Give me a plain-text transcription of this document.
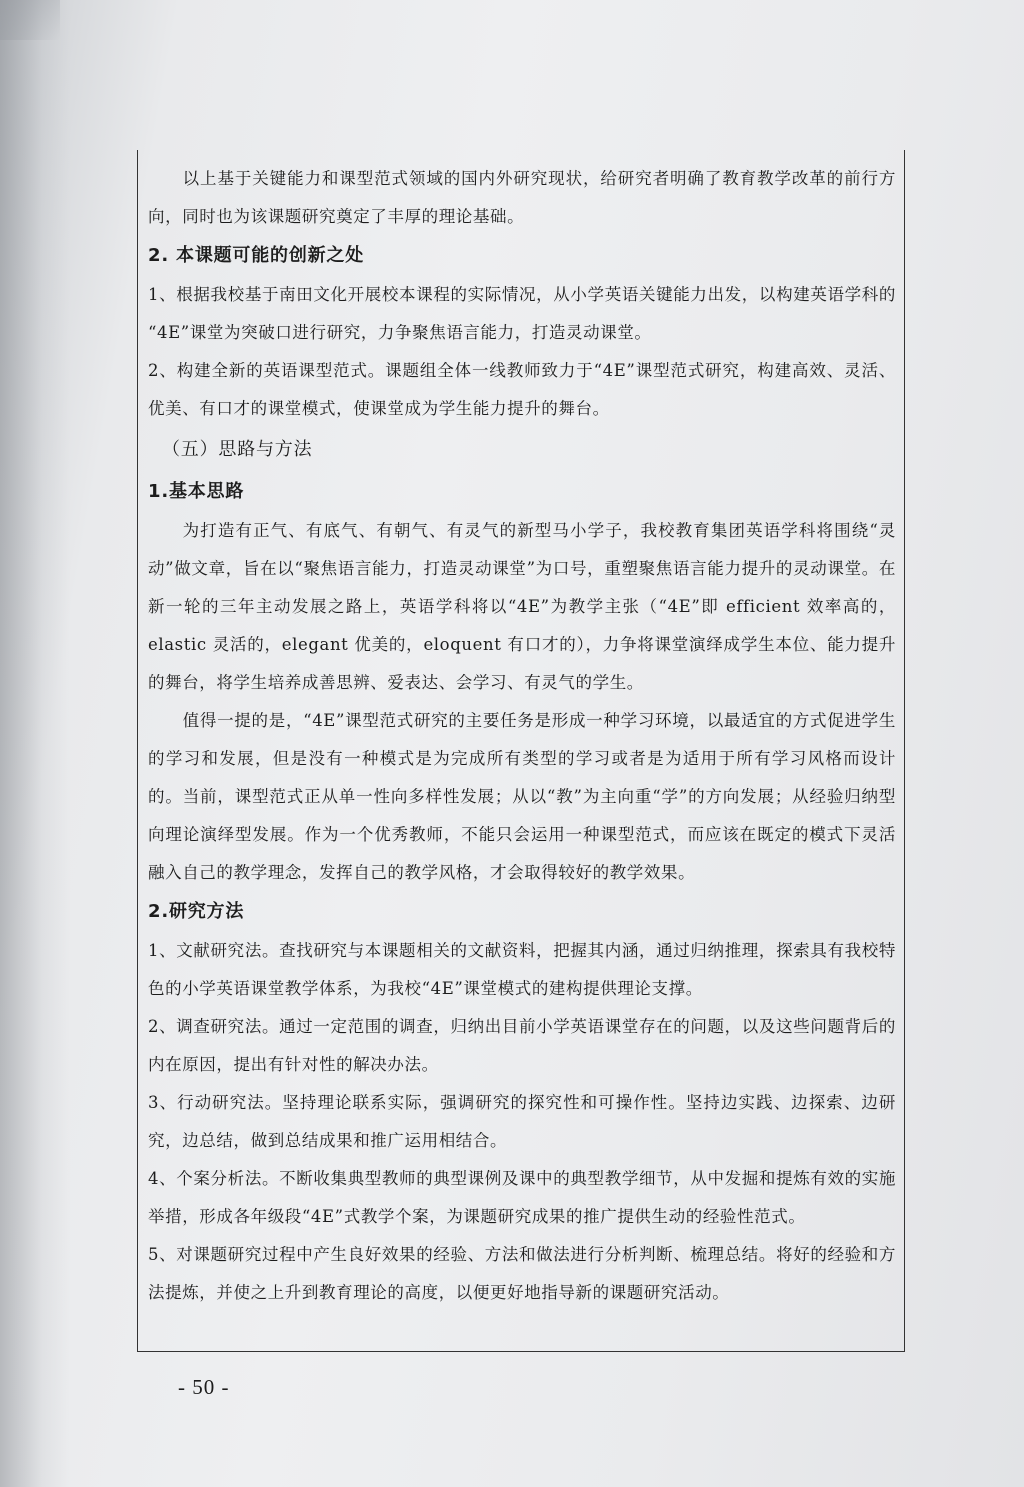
以上基于关键能力和课型范式领域的国内外研究现状，给研究者明确了教育教学改革的前行方向，同时也为该课题研究奠定了丰厚的理论基础。

2. 本课题可能的创新之处

1、根据我校基于南田文化开展校本课程的实际情况，从小学英语关键能力出发，以构建英语学科的 “4E”课堂为突破口进行研究，力争聚焦语言能力，打造灵动课堂。

2、构建全新的英语课型范式。课题组全体一线教师致力于“4E”课型范式研究，构建高效、灵活、优美、有口才的课堂模式，使课堂成为学生能力提升的舞台。

（五）思路与方法

1.基本思路

为打造有正气、有底气、有朝气、有灵气的新型马小学子，我校教育集团英语学科将围绕“灵动”做文章，旨在以“聚焦语言能力，打造灵动课堂”为口号，重塑聚焦语言能力提升的灵动课堂。在新一轮的三年主动发展之路上，英语学科将以“4E”为教学主张（“4E”即 efficient 效率高的，elastic 灵活的，elegant 优美的，eloquent 有口才的），力争将课堂演绎成学生本位、能力提升的舞台，将学生培养成善思辨、爱表达、会学习、有灵气的学生。

值得一提的是，“4E”课型范式研究的主要任务是形成一种学习环境，以最适宜的方式促进学生的学习和发展，但是没有一种模式是为完成所有类型的学习或者是为适用于所有学习风格而设计的。当前，课型范式正从单一性向多样性发展；从以“教”为主向重“学”的方向发展；从经验归纳型向理论演绎型发展。作为一个优秀教师，不能只会运用一种课型范式，而应该在既定的模式下灵活融入自己的教学理念，发挥自己的教学风格，才会取得较好的教学效果。

2.研究方法

1、文献研究法。查找研究与本课题相关的文献资料，把握其内涵，通过归纳推理，探索具有我校特色的小学英语课堂教学体系，为我校“4E”课堂模式的建构提供理论支撑。

2、调查研究法。通过一定范围的调查，归纳出目前小学英语课堂存在的问题，以及这些问题背后的内在原因，提出有针对性的解决办法。

3、行动研究法。坚持理论联系实际，强调研究的探究性和可操作性。坚持边实践、边探索、边研究，边总结，做到总结成果和推广运用相结合。

4、个案分析法。不断收集典型教师的典型课例及课中的典型教学细节，从中发掘和提炼有效的实施举措，形成各年级段“4E”式教学个案，为课题研究成果的推广提供生动的经验性范式。

5、对课题研究过程中产生良好效果的经验、方法和做法进行分析判断、梳理总结。将好的经验和方法提炼，并使之上升到教育理论的高度，以便更好地指导新的课题研究活动。

- 50 -
